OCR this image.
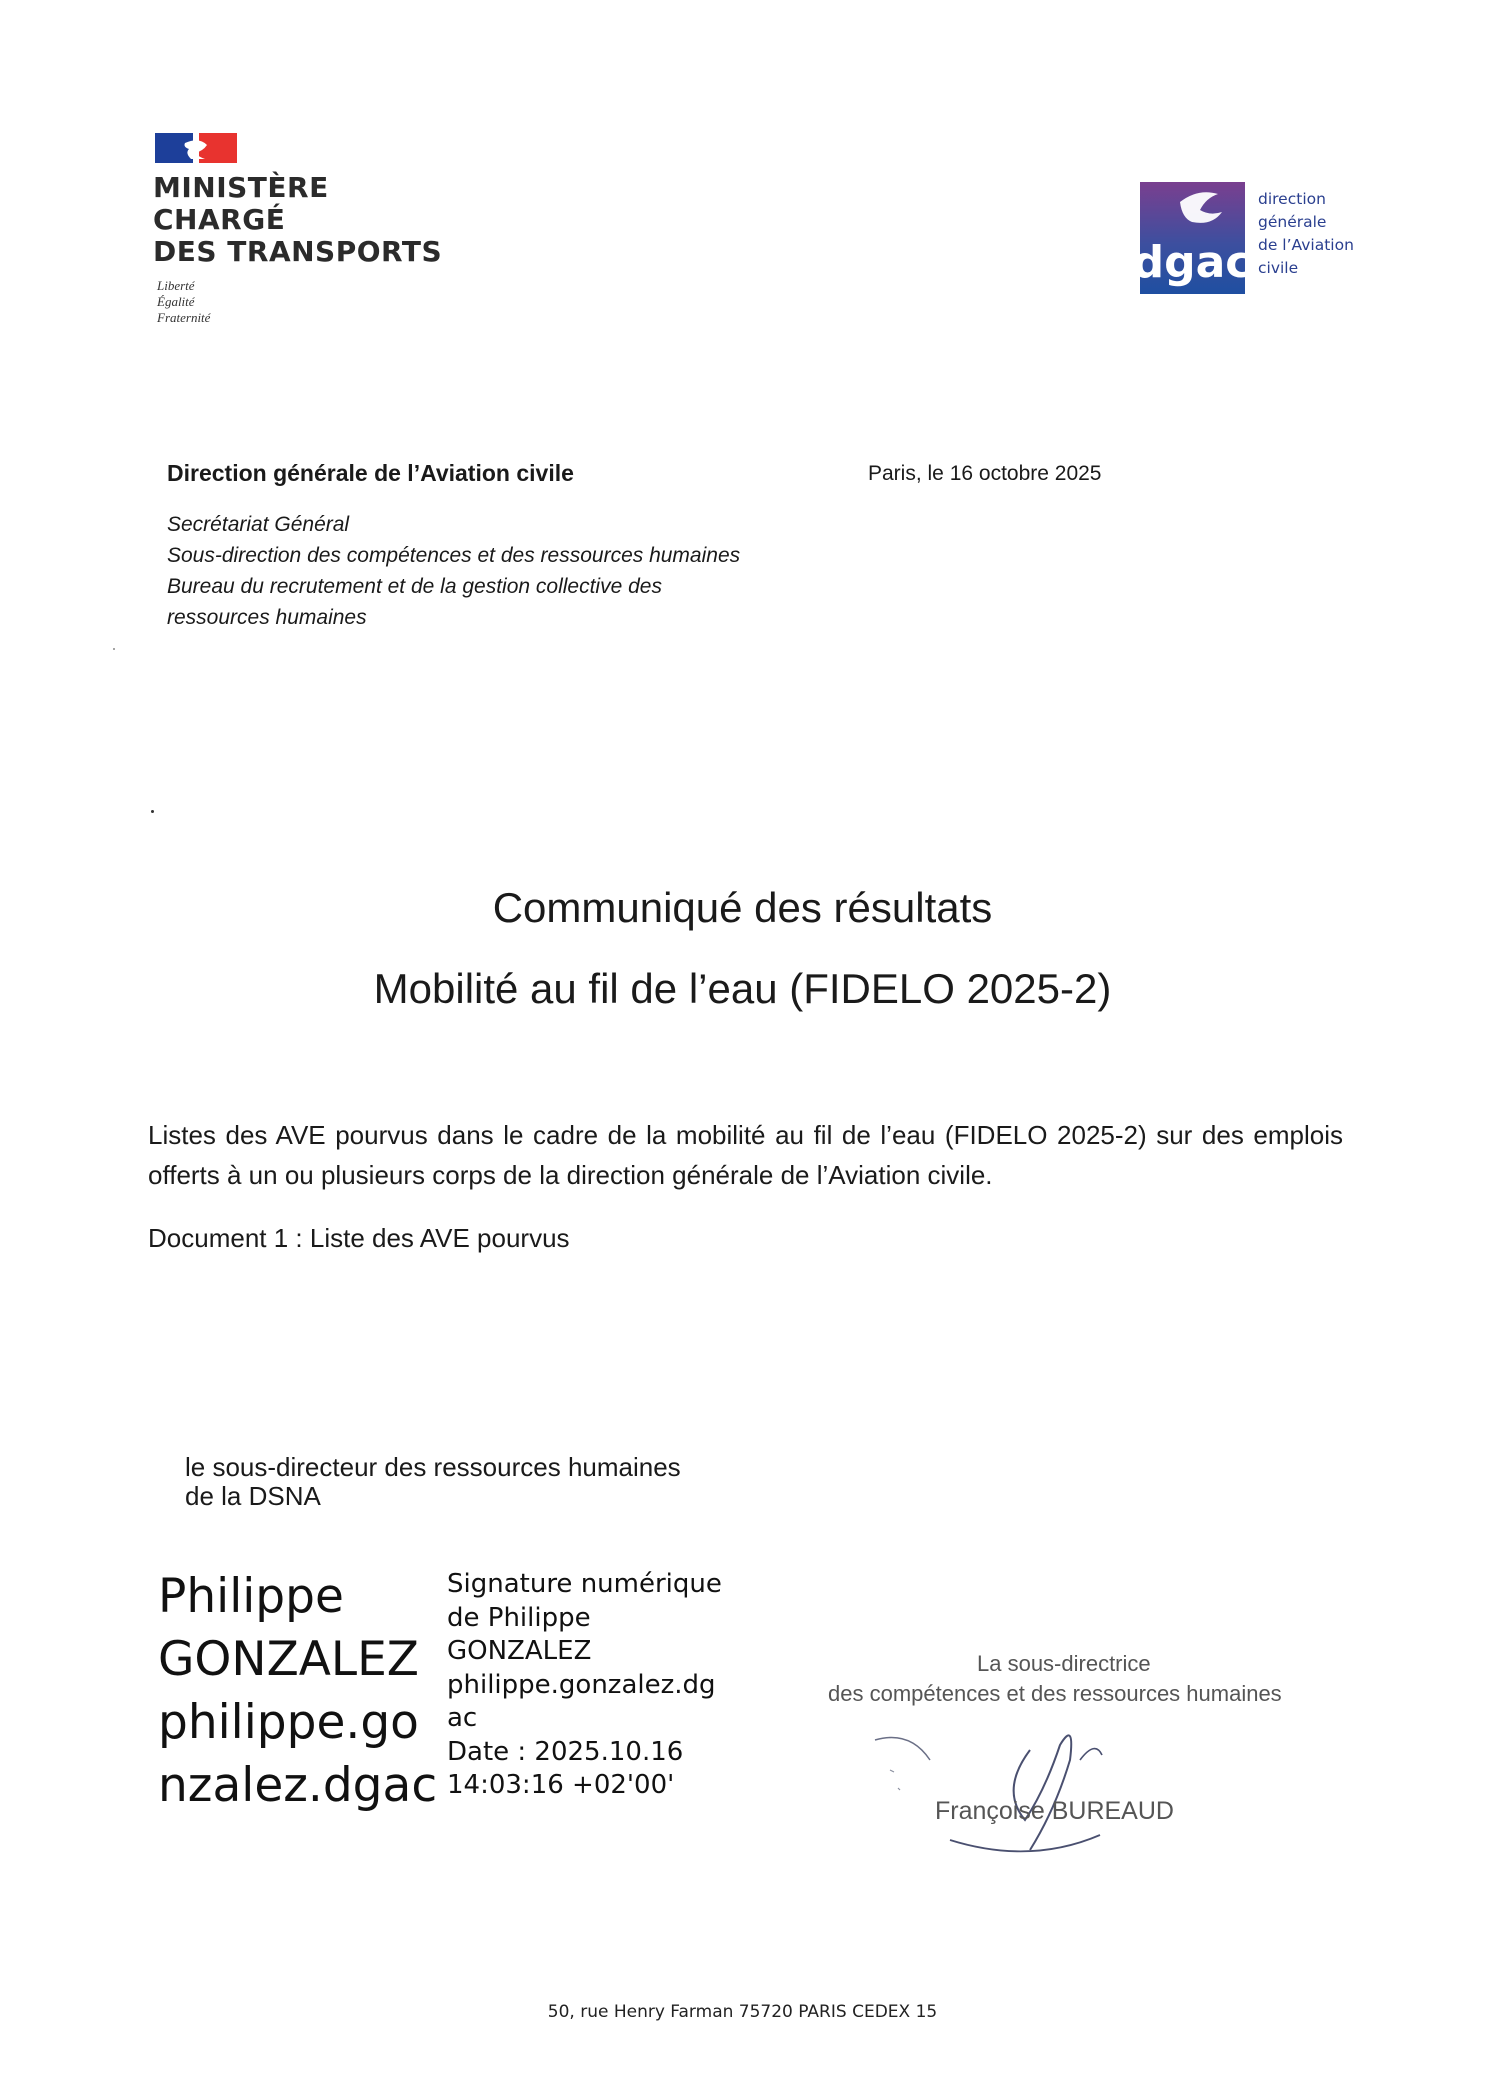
MINISTÈRE
CHARGÉ
DES TRANSPORTS
Liberté
Égalité
Fraternité
dgac
direction
générale
de l’Aviation
civile
Direction générale de l’Aviation civile	Paris, le 16 octobre 2025
Secrétariat Général
Sous-direction des compétences et des ressources humaines
Bureau du recrutement et de la gestion collective des
ressources humaines
Communiqué des résultats
Mobilité au fil de l’eau (FIDELO 2025-2)
Listes des AVE pourvus dans le cadre de la mobilité au fil de l’eau (FIDELO 2025-2) sur des emplois offerts à un ou plusieurs corps de la direction générale de l’Aviation civile.
Document 1 : Liste des AVE pourvus
le sous-directeur des ressources humaines
de la DSNA
Philippe
GONZALEZ
philippe.go
nzalez.dgac
Signature numérique
de Philippe
GONZALEZ
philippe.gonzalez.dg
ac
Date : 2025.10.16
14:03:16 +02'00'
La sous-directrice
des compétences et des ressources humaines
Françoise BUREAUD
50, rue Henry Farman 75720 PARIS CEDEX 15
